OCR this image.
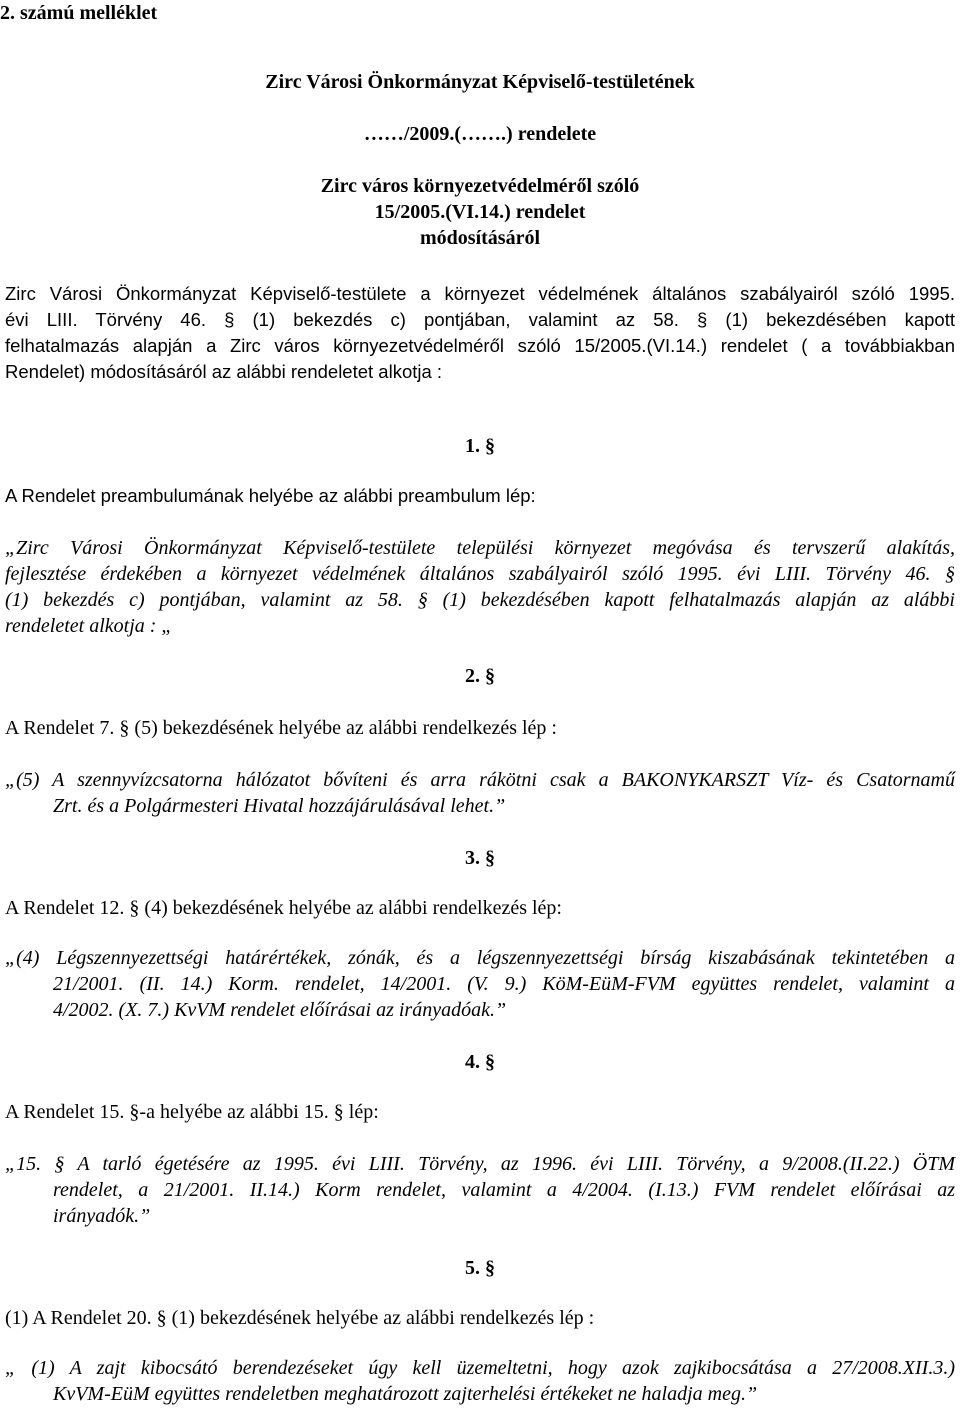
2. számú melléklet

Zirc Városi Önkormányzat Képviselő-testületének

……/2009.(…….) rendelete

Zirc város környezetvédelméről szóló

15/2005.(VI.14.) rendelet

módosításáról

Zirc Városi Önkormányzat Képviselő-testülete a környezet védelmének általános szabályairól szóló 1995.

évi LIII. Törvény 46. § (1) bekezdés c) pontjában, valamint az 58. § (1) bekezdésében kapott

felhatalmazás alapján a Zirc város környezetvédelméről szóló 15/2005.(VI.14.) rendelet ( a továbbiakban

Rendelet) módosításáról az alábbi rendeletet alkotja :

1. §

A Rendelet preambulumának helyébe az alábbi preambulum lép:

„Zirc Városi Önkormányzat Képviselő-testülete települési környezet megóvása és tervszerű alakítás,

fejlesztése érdekében a környezet védelmének általános szabályairól szóló 1995. évi LIII. Törvény 46. §

(1) bekezdés c) pontjában, valamint az 58. § (1) bekezdésében kapott felhatalmazás alapján az alábbi

rendeletet alkotja : „

2. §

A Rendelet 7. § (5) bekezdésének helyébe az alábbi rendelkezés lép :

„(5) A szennyvízcsatorna hálózatot bővíteni és arra rákötni csak a BAKONYKARSZT Víz- és Csatornamű

Zrt. és a Polgármesteri Hivatal hozzájárulásával lehet.”

3. §

A Rendelet 12. § (4) bekezdésének helyébe az alábbi rendelkezés lép:

„(4) Légszennyezettségi határértékek, zónák, és a légszennyezettségi bírság kiszabásának tekintetében a

21/2001. (II. 14.) Korm. rendelet, 14/2001. (V. 9.) KöM-EüM-FVM együttes rendelet, valamint a

4/2002. (X. 7.) KvVM rendelet előírásai az irányadóak.”

4. §

A Rendelet 15. §-a helyébe az alábbi 15. § lép:

„15. § A tarló égetésére az 1995. évi LIII. Törvény, az 1996. évi LIII. Törvény, a 9/2008.(II.22.) ÖTM

rendelet, a 21/2001. II.14.) Korm rendelet, valamint a 4/2004. (I.13.) FVM rendelet előírásai az

irányadók.”

5. §

(1) A Rendelet 20. § (1) bekezdésének helyébe az alábbi rendelkezés lép :

„ (1) A zajt kibocsátó berendezéseket úgy kell üzemeltetni, hogy azok zajkibocsátása a 27/2008.XII.3.)

KvVM-EüM együttes rendeletben meghatározott zajterhelési értékeket ne haladja meg.”
